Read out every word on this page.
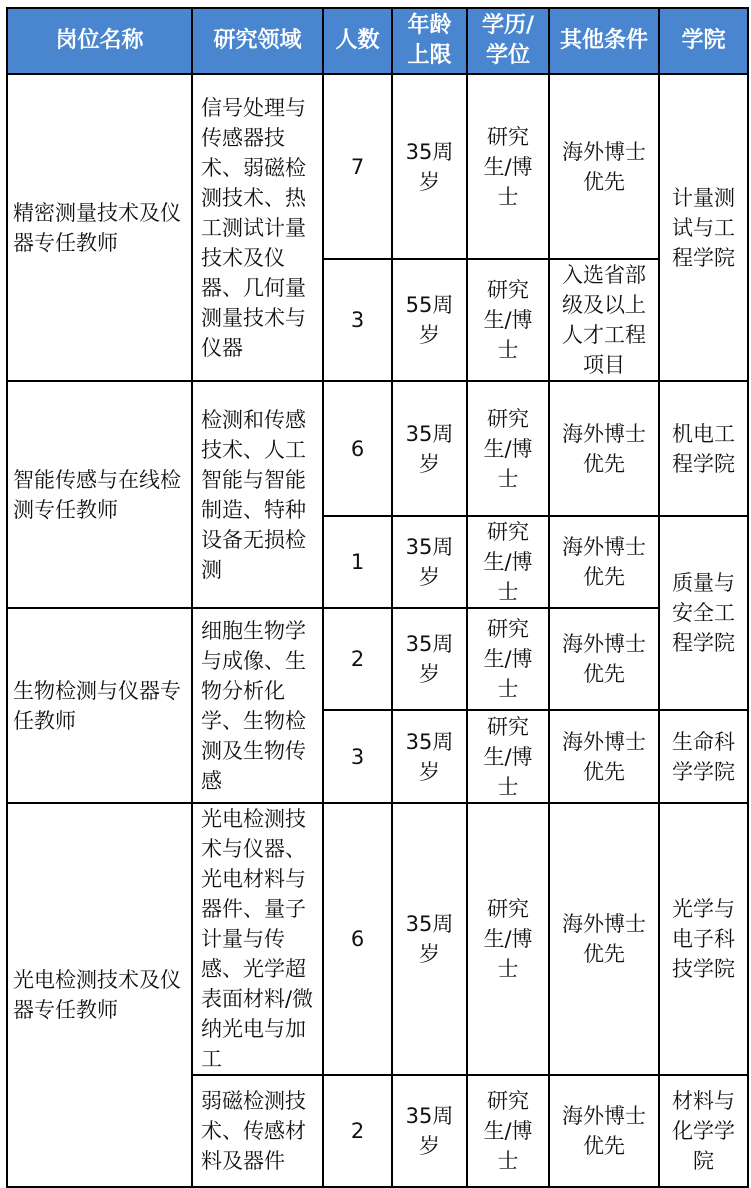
岗位名称	研究领域	人数	年龄上限	学历/学位	其他条件	学院
精密测量技术及仪器专任教师	信号处理与传感器技术、弱磁检测技术、热工测试计量技术及仪器、几何量测量技术与仪器	7	35周岁	研究生/博士	海外博士优先	计量测试与工程学院
		3	55周岁	研究生/博士	入选省部级及以上人才工程项目	
智能传感与在线检测专任教师	检测和传感技术、人工智能与智能制造、特种设备无损检测	6	35周岁	研究生/博士	海外博士优先	机电工程学院
		1	35周岁	研究生/博士	海外博士优先	质量与安全工程学院
生物检测与仪器专任教师	细胞生物学与成像、生物分析化学、生物检测及生物传感	2	35周岁	研究生/博士	海外博士优先	
		3	35周岁	研究生/博士	海外博士优先	生命科学学院
光电检测技术及仪器专任教师	光电检测技术与仪器、光电材料与器件、量子计量与传感、光学超表面材料/微纳光电与加工	6	35周岁	研究生/博士	海外博士优先	光学与电子科技学院
	弱磁检测技术、传感材料及器件	2	35周岁	研究生/博士	海外博士优先	材料与化学学院
